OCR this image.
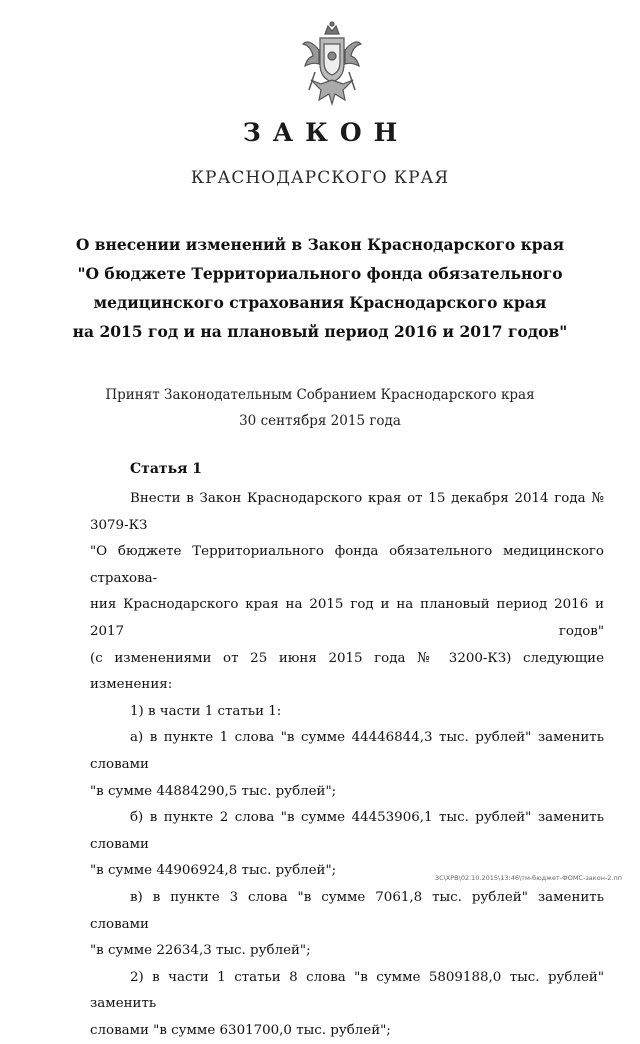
ЗАКОН
КРАСНОДАРСКОГО КРАЯ
О внесении изменений в Закон Краснодарского края
"О бюджете Территориального фонда обязательного
медицинского страхования Краснодарского края
на 2015 год и на плановый период 2016 и 2017 годов"
Принят Законодательным Собранием Краснодарского края
30 сентября 2015 года
Статья 1
Внести в Закон Краснодарского края от 15 декабря 2014 года № 3079-КЗ
"О бюджете Территориального фонда обязательного медицинского страхова-
ния Краснодарского края на 2015 год и на плановый период 2016 и 2017 годов"
(с изменениями от 25 июня 2015 года № 3200-КЗ) следующие изменения:
1) в части 1 статьи 1:
а) в пункте 1 слова "в сумме 44446844,3 тыс. рублей" заменить словами
"в сумме 44884290,5 тыс. рублей";
б) в пункте 2 слова "в сумме 44453906,1 тыс. рублей" заменить словами
"в сумме 44906924,8 тыс. рублей";
в) в пункте 3 слова "в сумме 7061,8 тыс. рублей" заменить словами
"в сумме 22634,3 тыс. рублей";
2) в части 1 статьи 8 слова "в сумме 5809188,0 тыс. рублей" заменить
словами "в сумме 6301700,0 тыс. рублей";
ЗС\ХРВ\02.10.2015\13:46\тм-бюджет-ФОМС-закон-2.пп
